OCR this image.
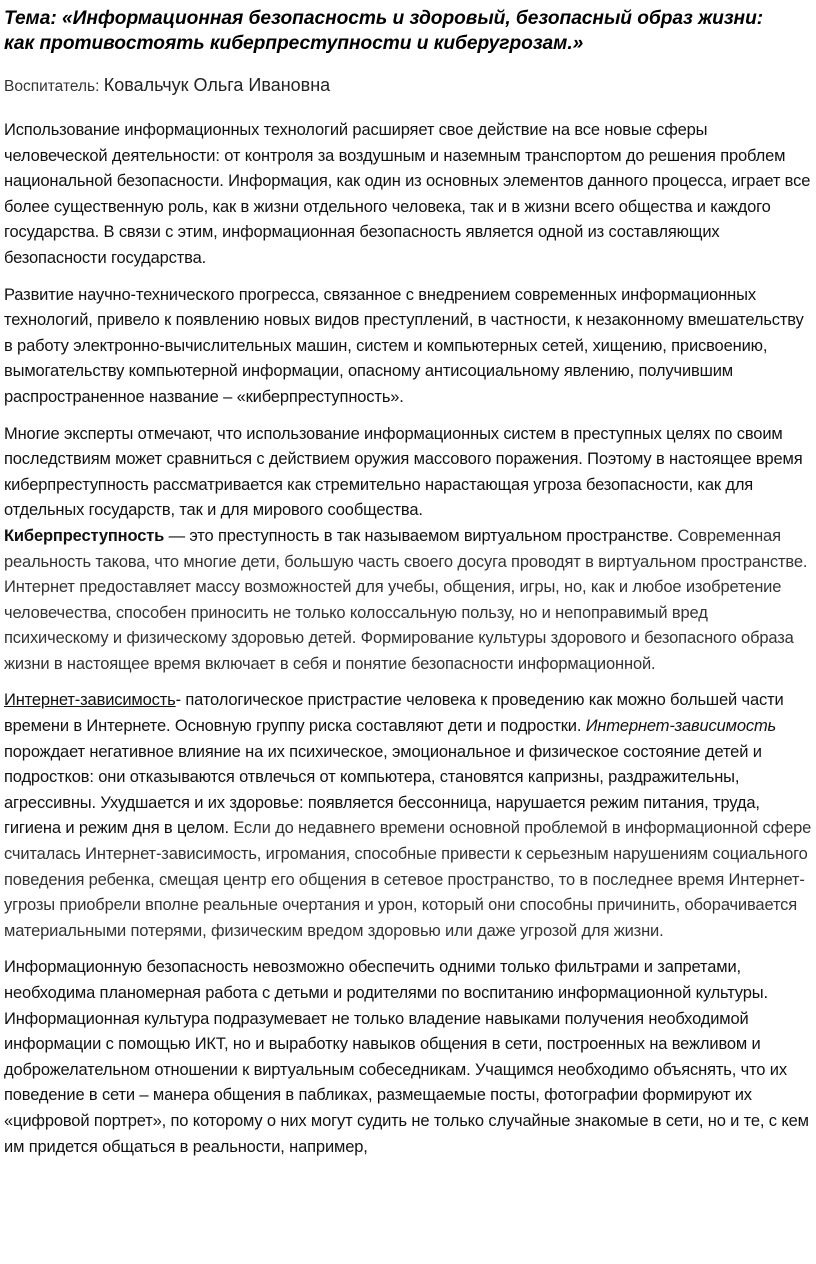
Тема: «Информационная безопасность и здоровый, безопасный образ жизни:
как противостоять киберпреступности и киберугрозам.»
Воспитатель: Ковальчук Ольга Ивановна

Использование информационных технологий расширяет свое действие на все новые сферы человеческой деятельности: от контроля за воздушным и наземным транспортом до решения проблем национальной безопасности. Информация, как один из основных элементов данного процесса, играет все более существенную роль, как в жизни отдельного человека, так и в жизни всего общества и каждого государства. В связи с этим, информационная безопасность является одной из составляющих безопасности государства.

Развитие научно-технического прогресса, связанное с внедрением современных информационных технологий, привело к появлению новых видов преступлений, в частности, к незаконному вмешательству в работу электронно-вычислительных машин, систем и компьютерных сетей, хищению, присвоению, вымогательству компьютерной информации, опасному антисоциальному явлению, получившим распространенное название – «киберпреступность».

Многие эксперты отмечают, что использование информационных систем в преступных целях по своим последствиям может сравниться с действием оружия массового поражения. Поэтому в настоящее время киберпреступность рассматривается как стремительно нарастающая угроза безопасности, как для отдельных государств, так и для мирового сообщества.

Киберпреступность — это преступность в так называемом виртуальном пространстве. Современная реальность такова, что многие дети, большую часть своего досуга проводят в виртуальном пространстве. Интернет предоставляет массу возможностей для учебы, общения, игры, но, как и любое изобретение человечества, способен приносить не только колоссальную пользу, но и непоправимый вред психическому и физическому здоровью детей. Формирование культуры здорового и безопасного образа жизни в настоящее время включает в себя и понятие безопасности информационной.

Интернет-зависимость- патологическое пристрастие человека к проведению как можно большей части времени в Интернете. Основную группу риска составляют дети и подростки. Интернет-зависимость порождает негативное влияние на их психическое, эмоциональное и физическое состояние детей и подростков: они отказываются отвлечься от компьютера, становятся капризны, раздражительны, агрессивны. Ухудшается и их здоровье: появляется бессонница, нарушается режим питания, труда, гигиена и режим дня в целом. Если до недавнего времени основной проблемой в информационной сфере считалась Интернет-зависимость, игромания, способные привести к серьезным нарушениям социального поведения ребенка, смещая центр его общения в сетевое пространство, то в последнее время Интернет-угрозы приобрели вполне реальные очертания и урон, который они способны причинить, оборачивается материальными потерями, физическим вредом здоровью или даже угрозой для жизни.

Информационную безопасность невозможно обеспечить одними только фильтрами и запретами, необходима планомерная работа с детьми и родителями по воспитанию информационной культуры. Информационная культура подразумевает не только владение навыками получения необходимой информации с помощью ИКТ, но и выработку навыков общения в сети, построенных на вежливом и доброжелательном отношении к виртуальным собеседникам. Учащимся необходимо объяснять, что их поведение в сети – манера общения в пабликах, размещаемые посты, фотографии формируют их «цифровой портрет», по которому о них могут судить не только случайные знакомые в сети, но и те, с кем им придется общаться в реальности, например,
